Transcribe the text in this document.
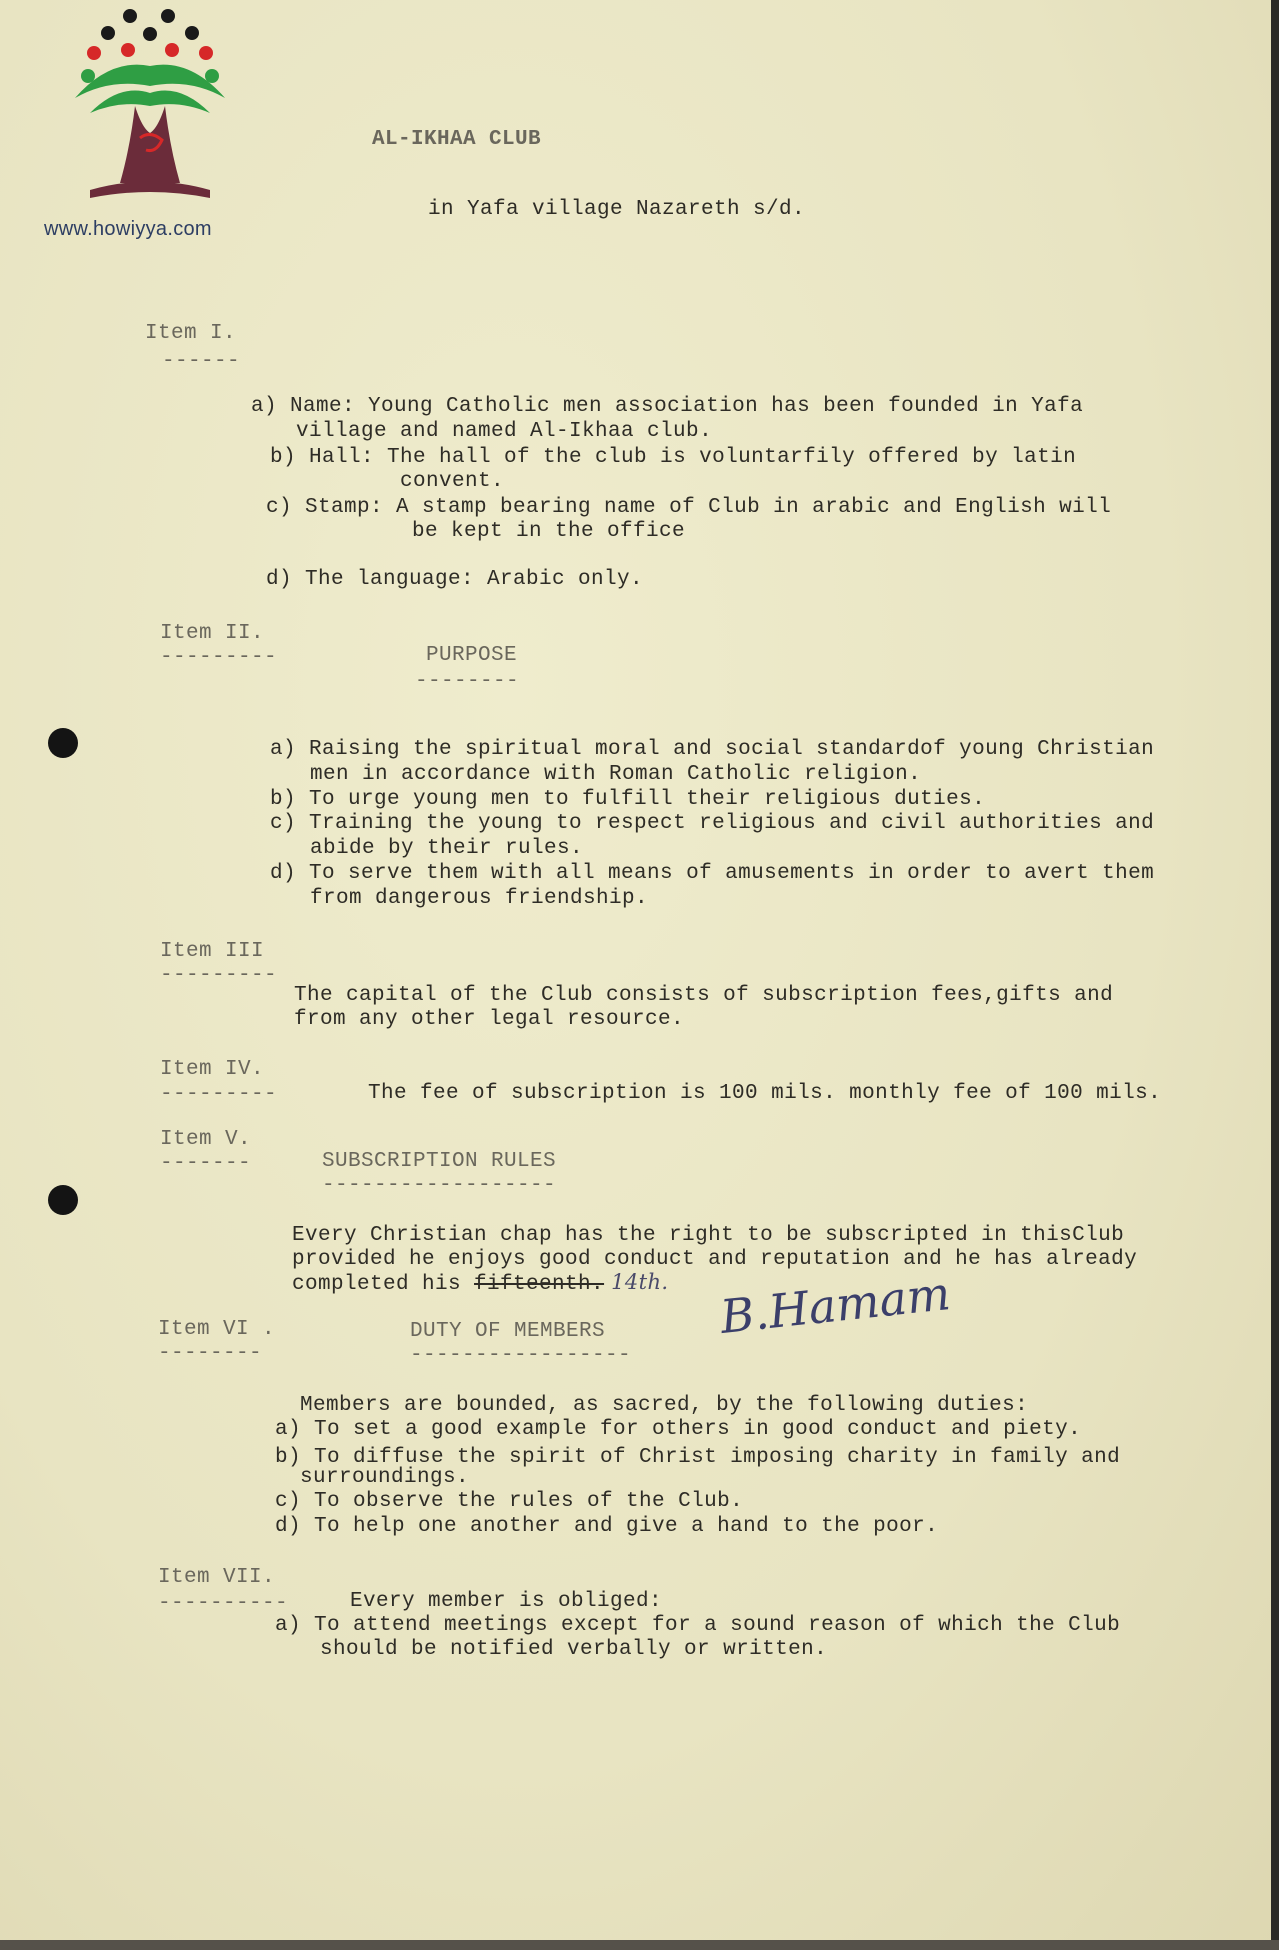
www.howiyya.com
AL-IKHAA CLUB
in Yafa village Nazareth s/d.
Item I.
------
a) Name: Young Catholic men association has been founded in Yafa
village and named Al-Ikhaa club.
b) Hall: The hall of the club is voluntarfily offered by latin
convent.
c) Stamp: A stamp bearing name of Club in arabic and English will
be kept in the office
d) The language: Arabic only.
Item II.
---------	PURPOSE
--------
a) Raising the spiritual moral and social standardof young Christian
men in accordance with Roman Catholic religion.
b) To urge young men to fulfill their religious duties.
c) Training the young to respect religious and civil authorities and
abide by their rules.
d) To serve them with all means of amusements in order to avert them
from dangerous friendship.
Item III
---------
The capital of the Club consists of subscription fees,gifts and
from any other legal resource.
Item IV.
---------	The fee of subscription is 100 mils. monthly fee of 100 mils.
Item V.
-------	SUBSCRIPTION RULES
------------------
Every Christian chap has the right to be subscripted in thisClub
provided he enjoys good conduct and reputation and he has already
completed his fifteenth. 14th. B.Hamam
Item VI .
--------
DUTY OF MEMBERS
-----------------
Members are bounded, as sacred, by the following duties:
a) To set a good example for others in good conduct and piety.
b) To diffuse the spirit of Christ imposing charity in family and
surroundings.
c) To observe the rules of the Club.
d) To help one another and give a hand to the poor.
Item VII.
----------	Every member is obliged:
a) To attend meetings except for a sound reason of which the Club
should be notified verbally or written.
